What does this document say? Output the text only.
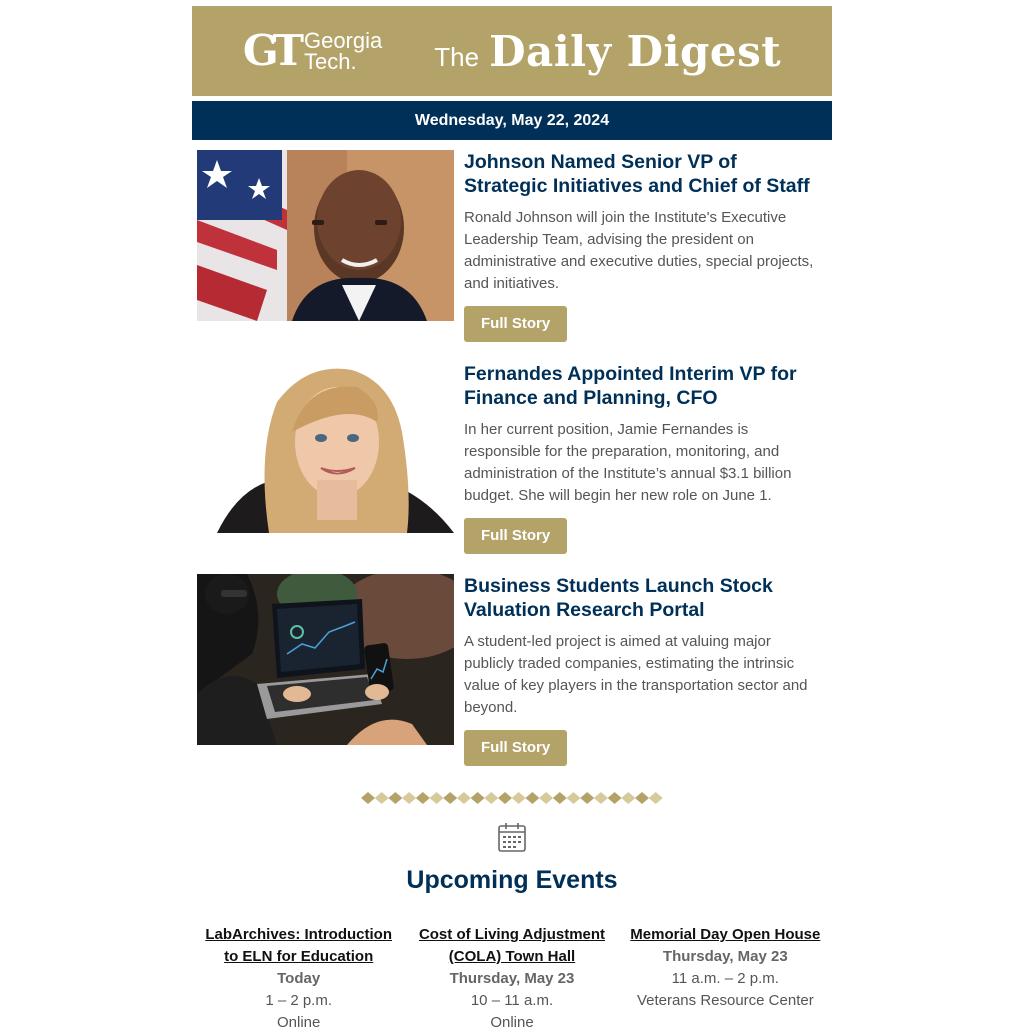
GT Georgia
Tech.	The Daily Digest
Wednesday, May 22, 2024
Johnson Named Senior VP of Strategic Initiatives and Chief of Staff
Ronald Johnson will join the Institute's Executive Leadership Team, advising the president on administrative and executive duties, special projects, and initiatives.
Full Story
Fernandes Appointed Interim VP for Finance and Planning, CFO
In her current position, Jamie Fernandes is responsible for the preparation, monitoring, and administration of the Institute’s annual $3.1 billion budget. She will begin her new role on June 1.
Full Story
Business Students Launch Stock Valuation Research Portal
A student-led project is aimed at valuing major publicly traded companies, estimating the intrinsic value of key players in the transportation sector and beyond.
Full Story
Upcoming Events
LabArchives: Introduction to ELN for Education
Today
1 – 2 p.m.
Online
Cost of Living Adjustment (COLA) Town Hall
Thursday, May 23
10 – 11 a.m.
Online
Memorial Day Open House
Thursday, May 23
11 a.m. – 2 p.m.
Veterans Resource Center
